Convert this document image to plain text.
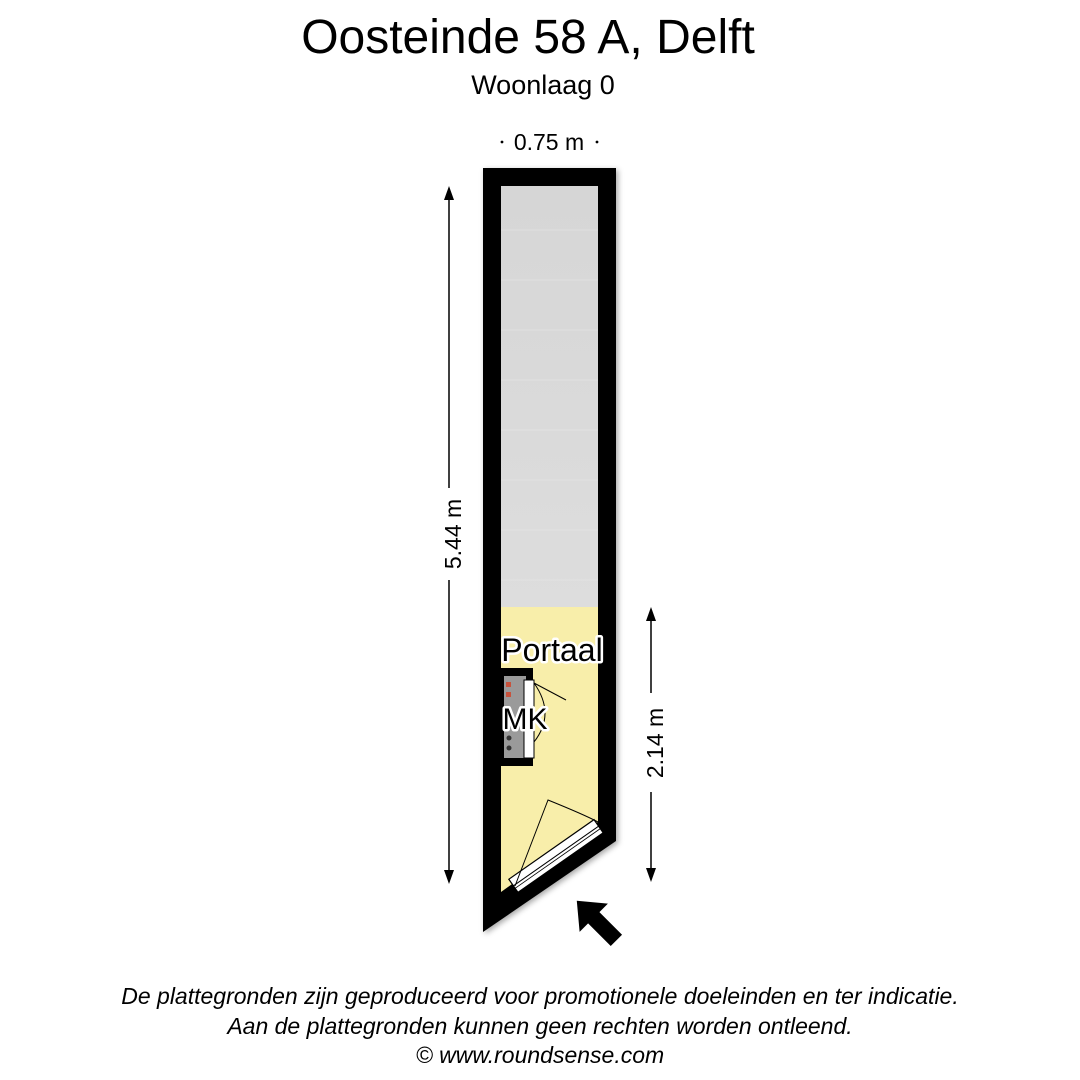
Oosteinde 58 A, Delft
Woonlaag 0
0.75 m
5.44 m
2.14 m
Portaal
MK
De plattegronden zijn geproduceerd voor promotionele doeleinden en ter indicatie.
Aan de plattegronden kunnen geen rechten worden ontleend.
© www.roundsense.com
